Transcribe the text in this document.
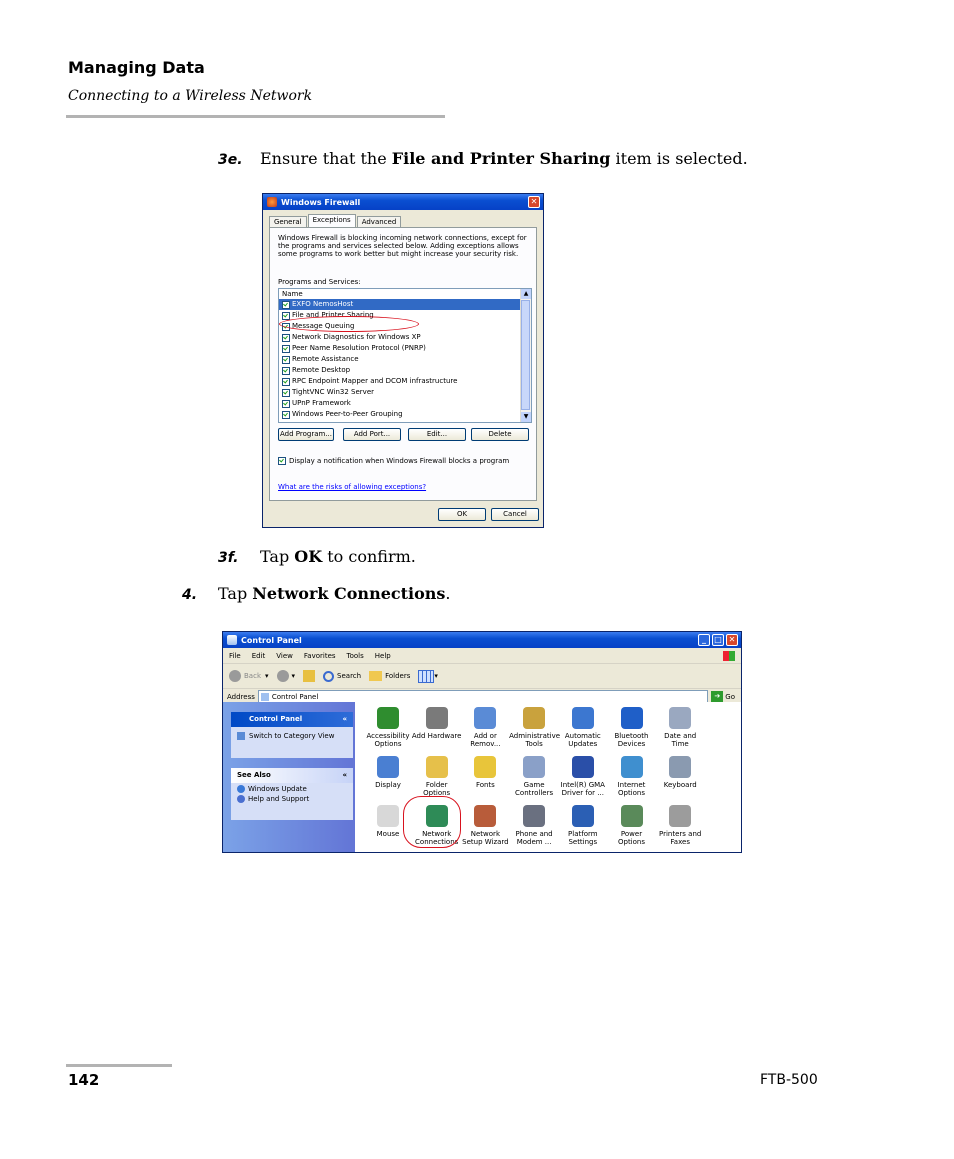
Managing Data
Connecting to a Wireless Network
3e. Ensure that the File and Printer Sharing item is selected.
Windows Firewall	✕
General	Exceptions	Advanced
Windows Firewall is blocking incoming network connections, except for the programs and services selected below. Adding exceptions allows some programs to work better but might increase your security risk.
Programs and Services:
Name
EXFO NemosHost
File and Printer Sharing
Message Queuing
Network Diagnostics for Windows XP
Peer Name Resolution Protocol (PNRP)
Remote Assistance
Remote Desktop
RPC Endpoint Mapper and DCOM infrastructure
TightVNC Win32 Server
UPnP Framework
Windows Peer-to-Peer Grouping
▲
▼
Add Program...	Add Port...	Edit...	Delete
Display a notification when Windows Firewall blocks a program
What are the risks of allowing exceptions?
OK	Cancel
3f. Tap OK to confirm.
4. Tap Network Connections.
Control Panel	_	□ ✕
File Edit View Favorites Tools Help
Back ▾	▾	Search	Folders	▾
Address Control Panel	➔ Go
Control Panel	«
Switch to Category View
See Also	«
Windows Update
Help and Support
Accessibility Options
Add Hardware	Add or Remov...
Administrative Tools
Automatic Updates
Bluetooth Devices
Date and Time
Display	Folder Options
Fonts	Game Controllers
Intel(R) GMA Driver for ...
Internet Options
Keyboard
Mouse	Network Connections
Network Setup Wizard
Phone and Modem ...
Platform Settings
Power Options
Printers and Faxes
142	FTB-500
